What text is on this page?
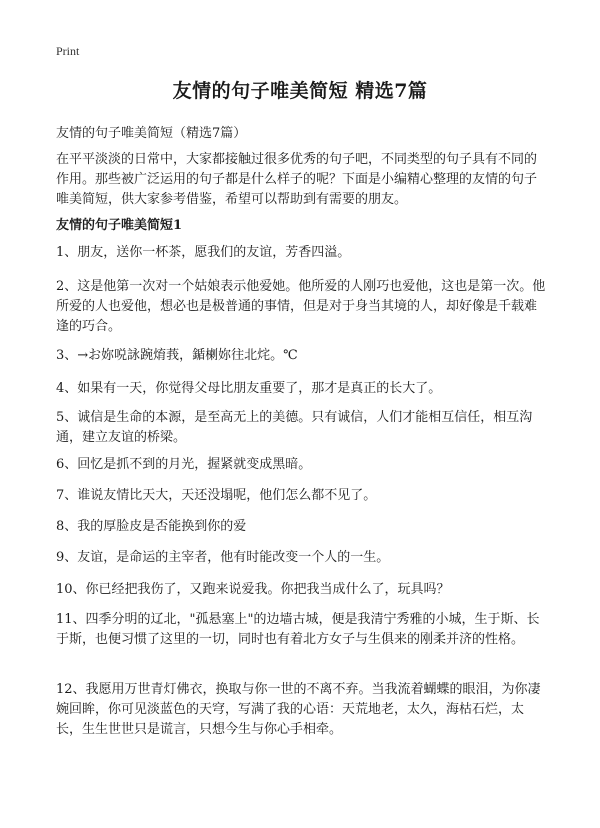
Print
友情的句子唯美简短 精选7篇
友情的句子唯美简短（精选7篇）

在平平淡淡的日常中，大家都接触过很多优秀的句子吧，不同类型的句子具有不同的作用。那些被广泛运用的句子都是什么样子的呢？下面是小编精心整理的友情的句子唯美简短，供大家参考借鉴，希望可以帮助到有需要的朋友。

友情的句子唯美简短1

1、朋友，送你一杯茶，愿我们的友谊，芳香四溢。

2、这是他第一次对一个姑娘表示他爱她。他所爱的人刚巧也爱他，这也是第一次。他所爱的人也爱他，想必也是极普通的事情，但是对于身当其境的人，却好像是千载难逢的巧合。

3、→お妳哾詠踠焴莪，鍎楋妳往北烢。℃

4、如果有一天，你觉得父母比朋友重要了，那才是真正的长大了。

5、诚信是生命的本源，是至高无上的美德。只有诚信，人们才能相互信任，相互沟通，建立友谊的桥梁。

6、回忆是抓不到的月光，握紧就变成黑暗。

7、谁说友情比天大，天还没塌呢，他们怎么都不见了。

8、我的厚脸皮是否能换到你的爱

9、友谊，是命运的主宰者，他有时能改变一个人的一生。

10、你已经把我伤了，又跑来说爱我。你把我当成什么了，玩具吗？

11、四季分明的辽北，"孤悬塞上"的边墙古城，便是我清宁秀雅的小城，生于斯、长于斯，也便习惯了这里的一切，同时也有着北方女子与生俱来的刚柔并济的性格。

12、我愿用万世青灯佛衣，换取与你一世的不离不弃。当我流着蝴蝶的眼泪，为你凄婉回眸，你可见淡蓝色的天穹，写满了我的心语：天荒地老，太久，海枯石烂，太长，生生世世只是谎言，只想今生与你心手相牵。
